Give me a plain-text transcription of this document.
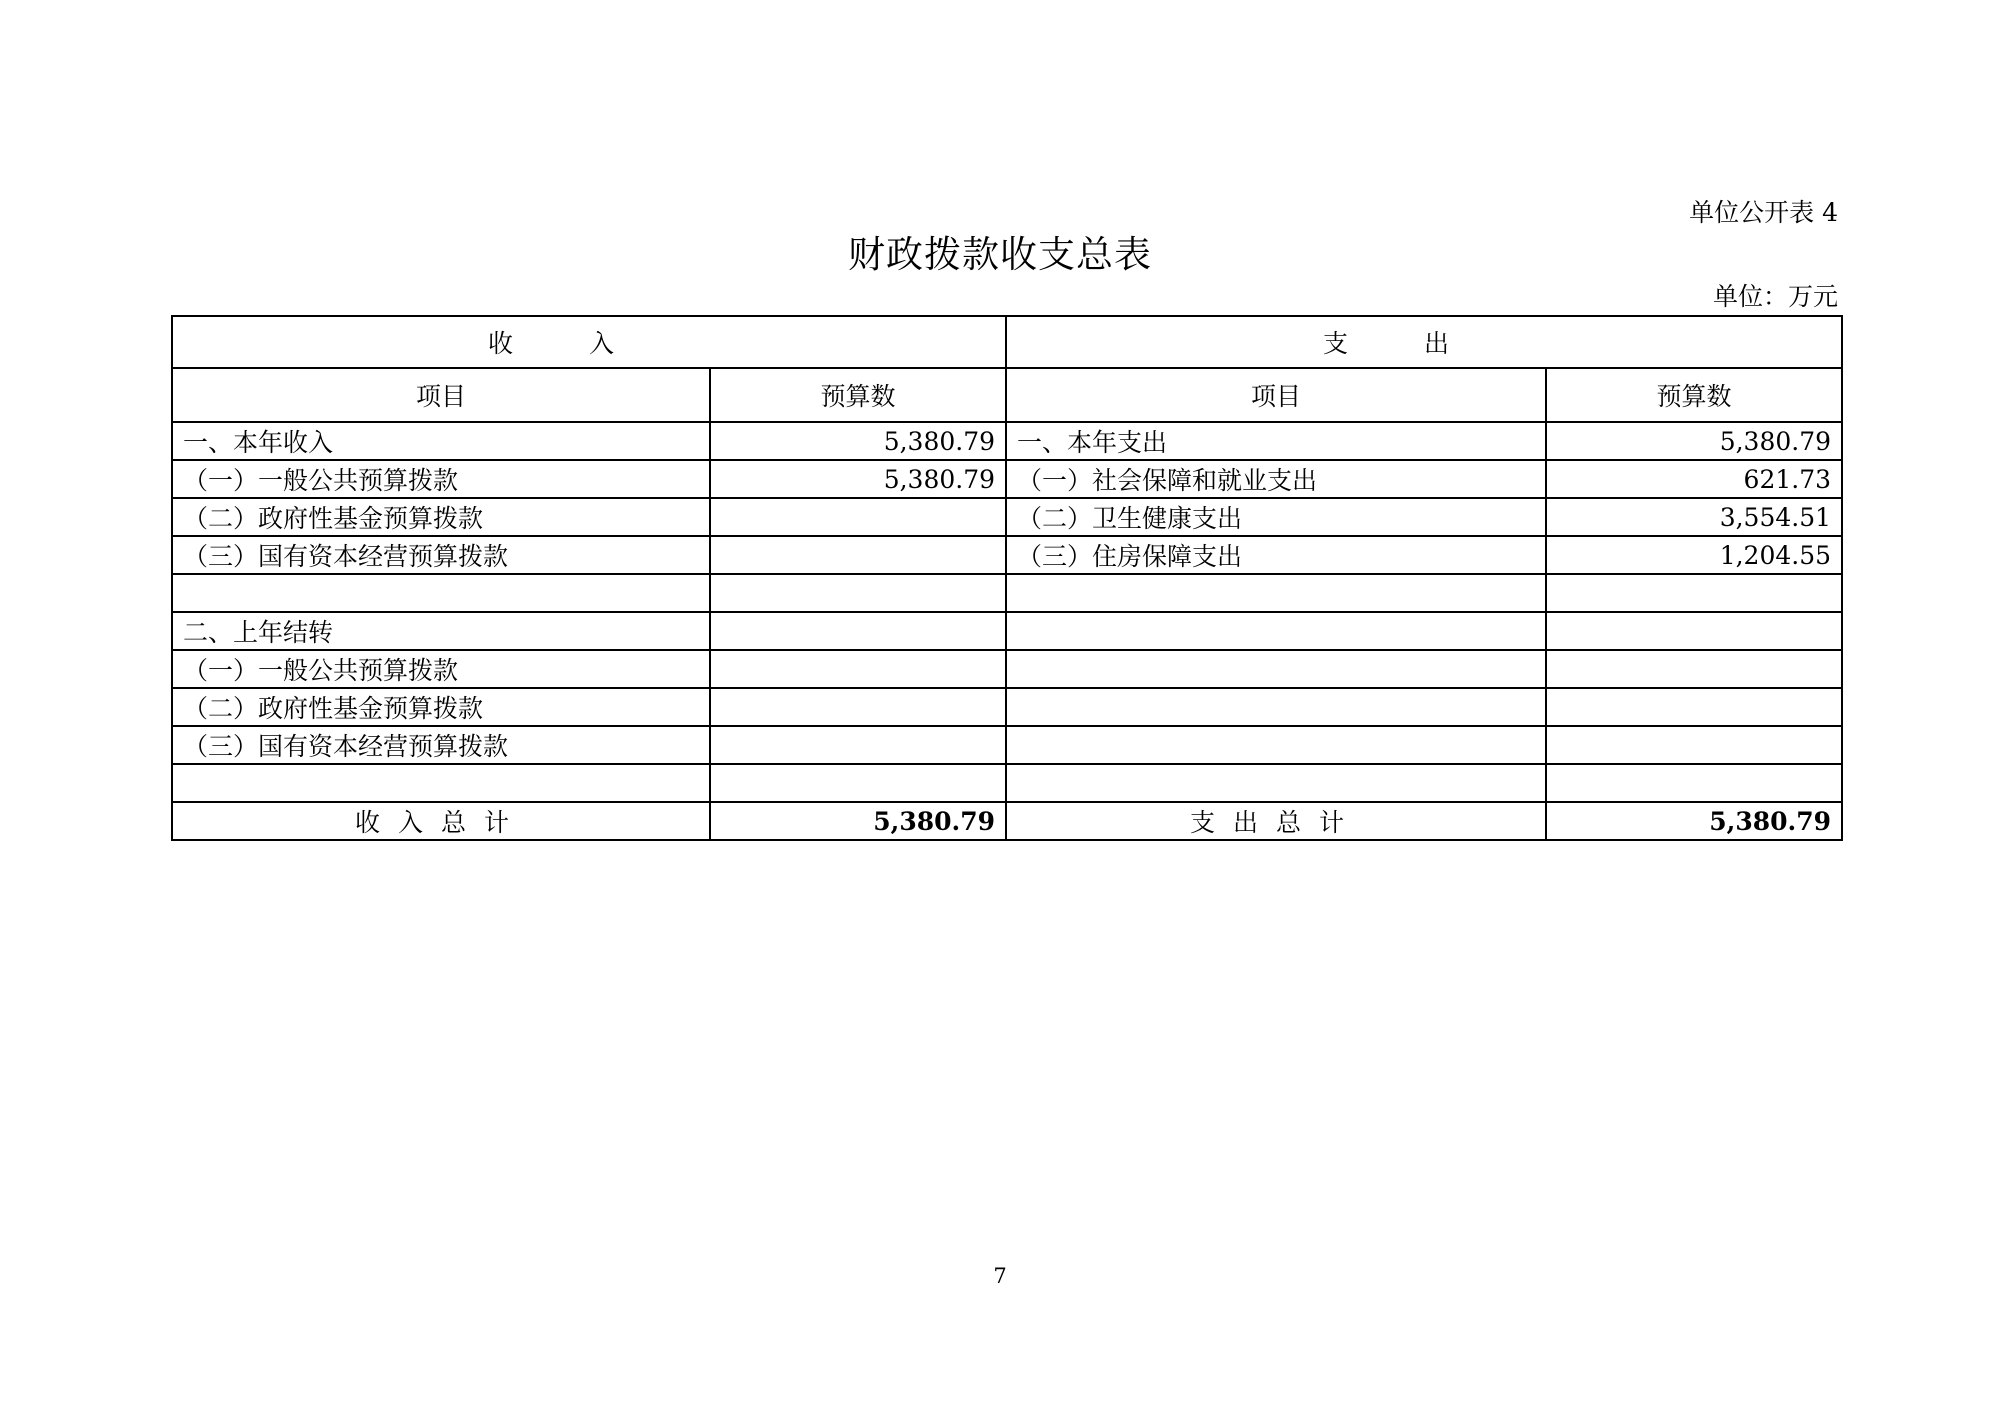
单位公开表 4
财政拨款收支总表
单位：万元
收入		支出	
项目	预算数	项目	预算数
一、本年收入	5,380.79	一、本年支出	5,380.79
（一）一般公共预算拨款	5,380.79	（一）社会保障和就业支出	621.73
（二）政府性基金预算拨款		（二）卫生健康支出	3,554.51
（三）国有资本经营预算拨款		（三）住房保障支出	1,204.55

二、上年结转			
（一）一般公共预算拨款			
（二）政府性基金预算拨款			
（三）国有资本经营预算拨款			

收入总计	5,380.79	支出总计	5,380.79
7
